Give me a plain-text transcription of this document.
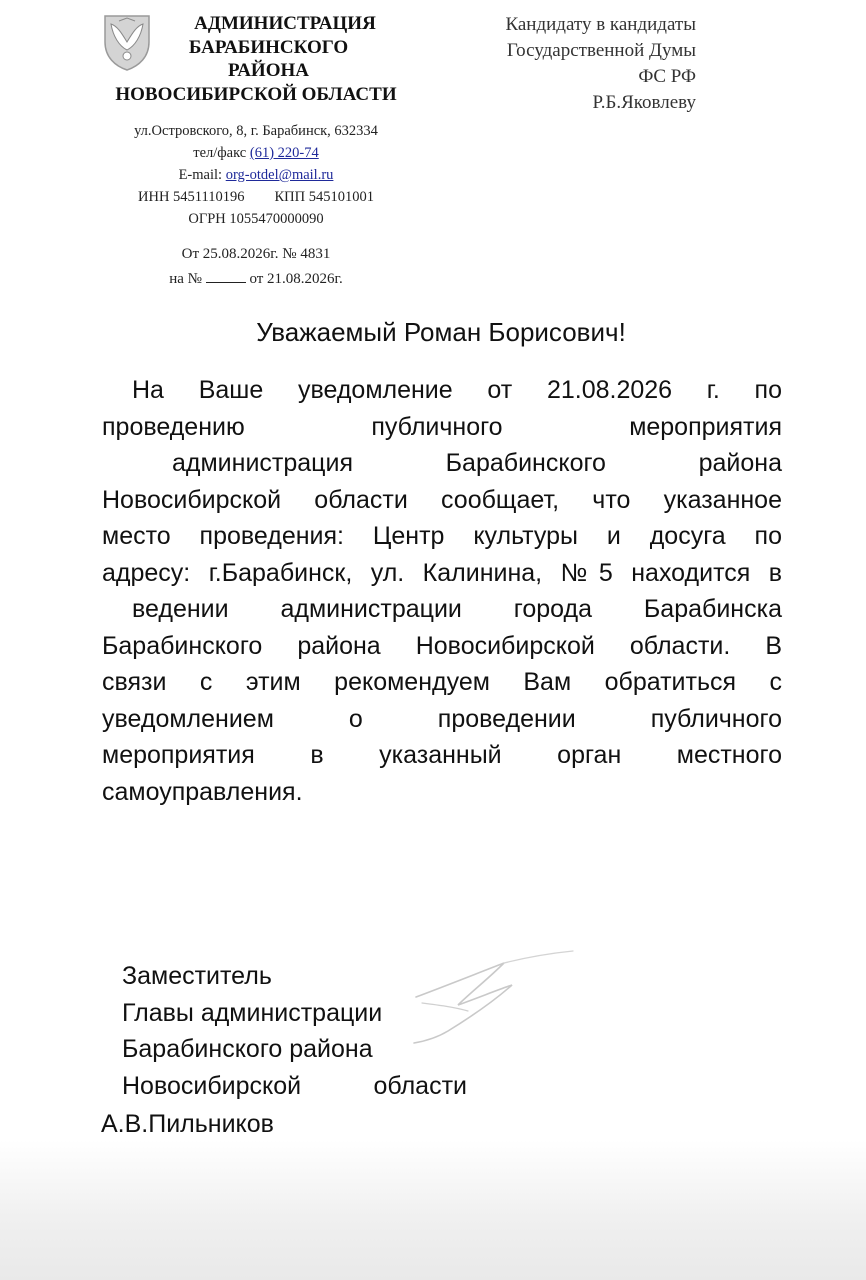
АДМИНИСТРАЦИЯ
БАРАБИНСКОГО
РАЙОНА
НОВОСИБИРСКОЙ ОБЛАСТИ
ул.Островского, 8, г. Барабинск, 632334
тел/факс (61) 220-74
E-mail: org-otdel@mail.ru
ИНН 5451110196 КПП 545101001
ОГРН 1055470000090
От 25.08.2026г. № 4831
на №	от 21.08.2026г.
Кандидату в кандидаты
Государственной Думы
ФС РФ
Р.Б.Яковлеву
Уважаемый Роман Борисович!
На Ваше уведомление от 21.08.2026 г. по
проведению публичного мероприятия
администрация Барабинского района
Новосибирской области сообщает, что указанное
место проведения: Центр культуры и досуга по
адресу: г.Барабинск, ул. Калинина, №5 находится в
ведении администрации города Барабинска
Барабинского района Новосибирской области. В
связи с этим рекомендуем Вам обратиться с
уведомлением о проведении публичного
мероприятия в указанный орган местного
самоуправления.
Заместитель
Главы администрации
Барабинского района
Новосибирской	области
А.В.Пильников
